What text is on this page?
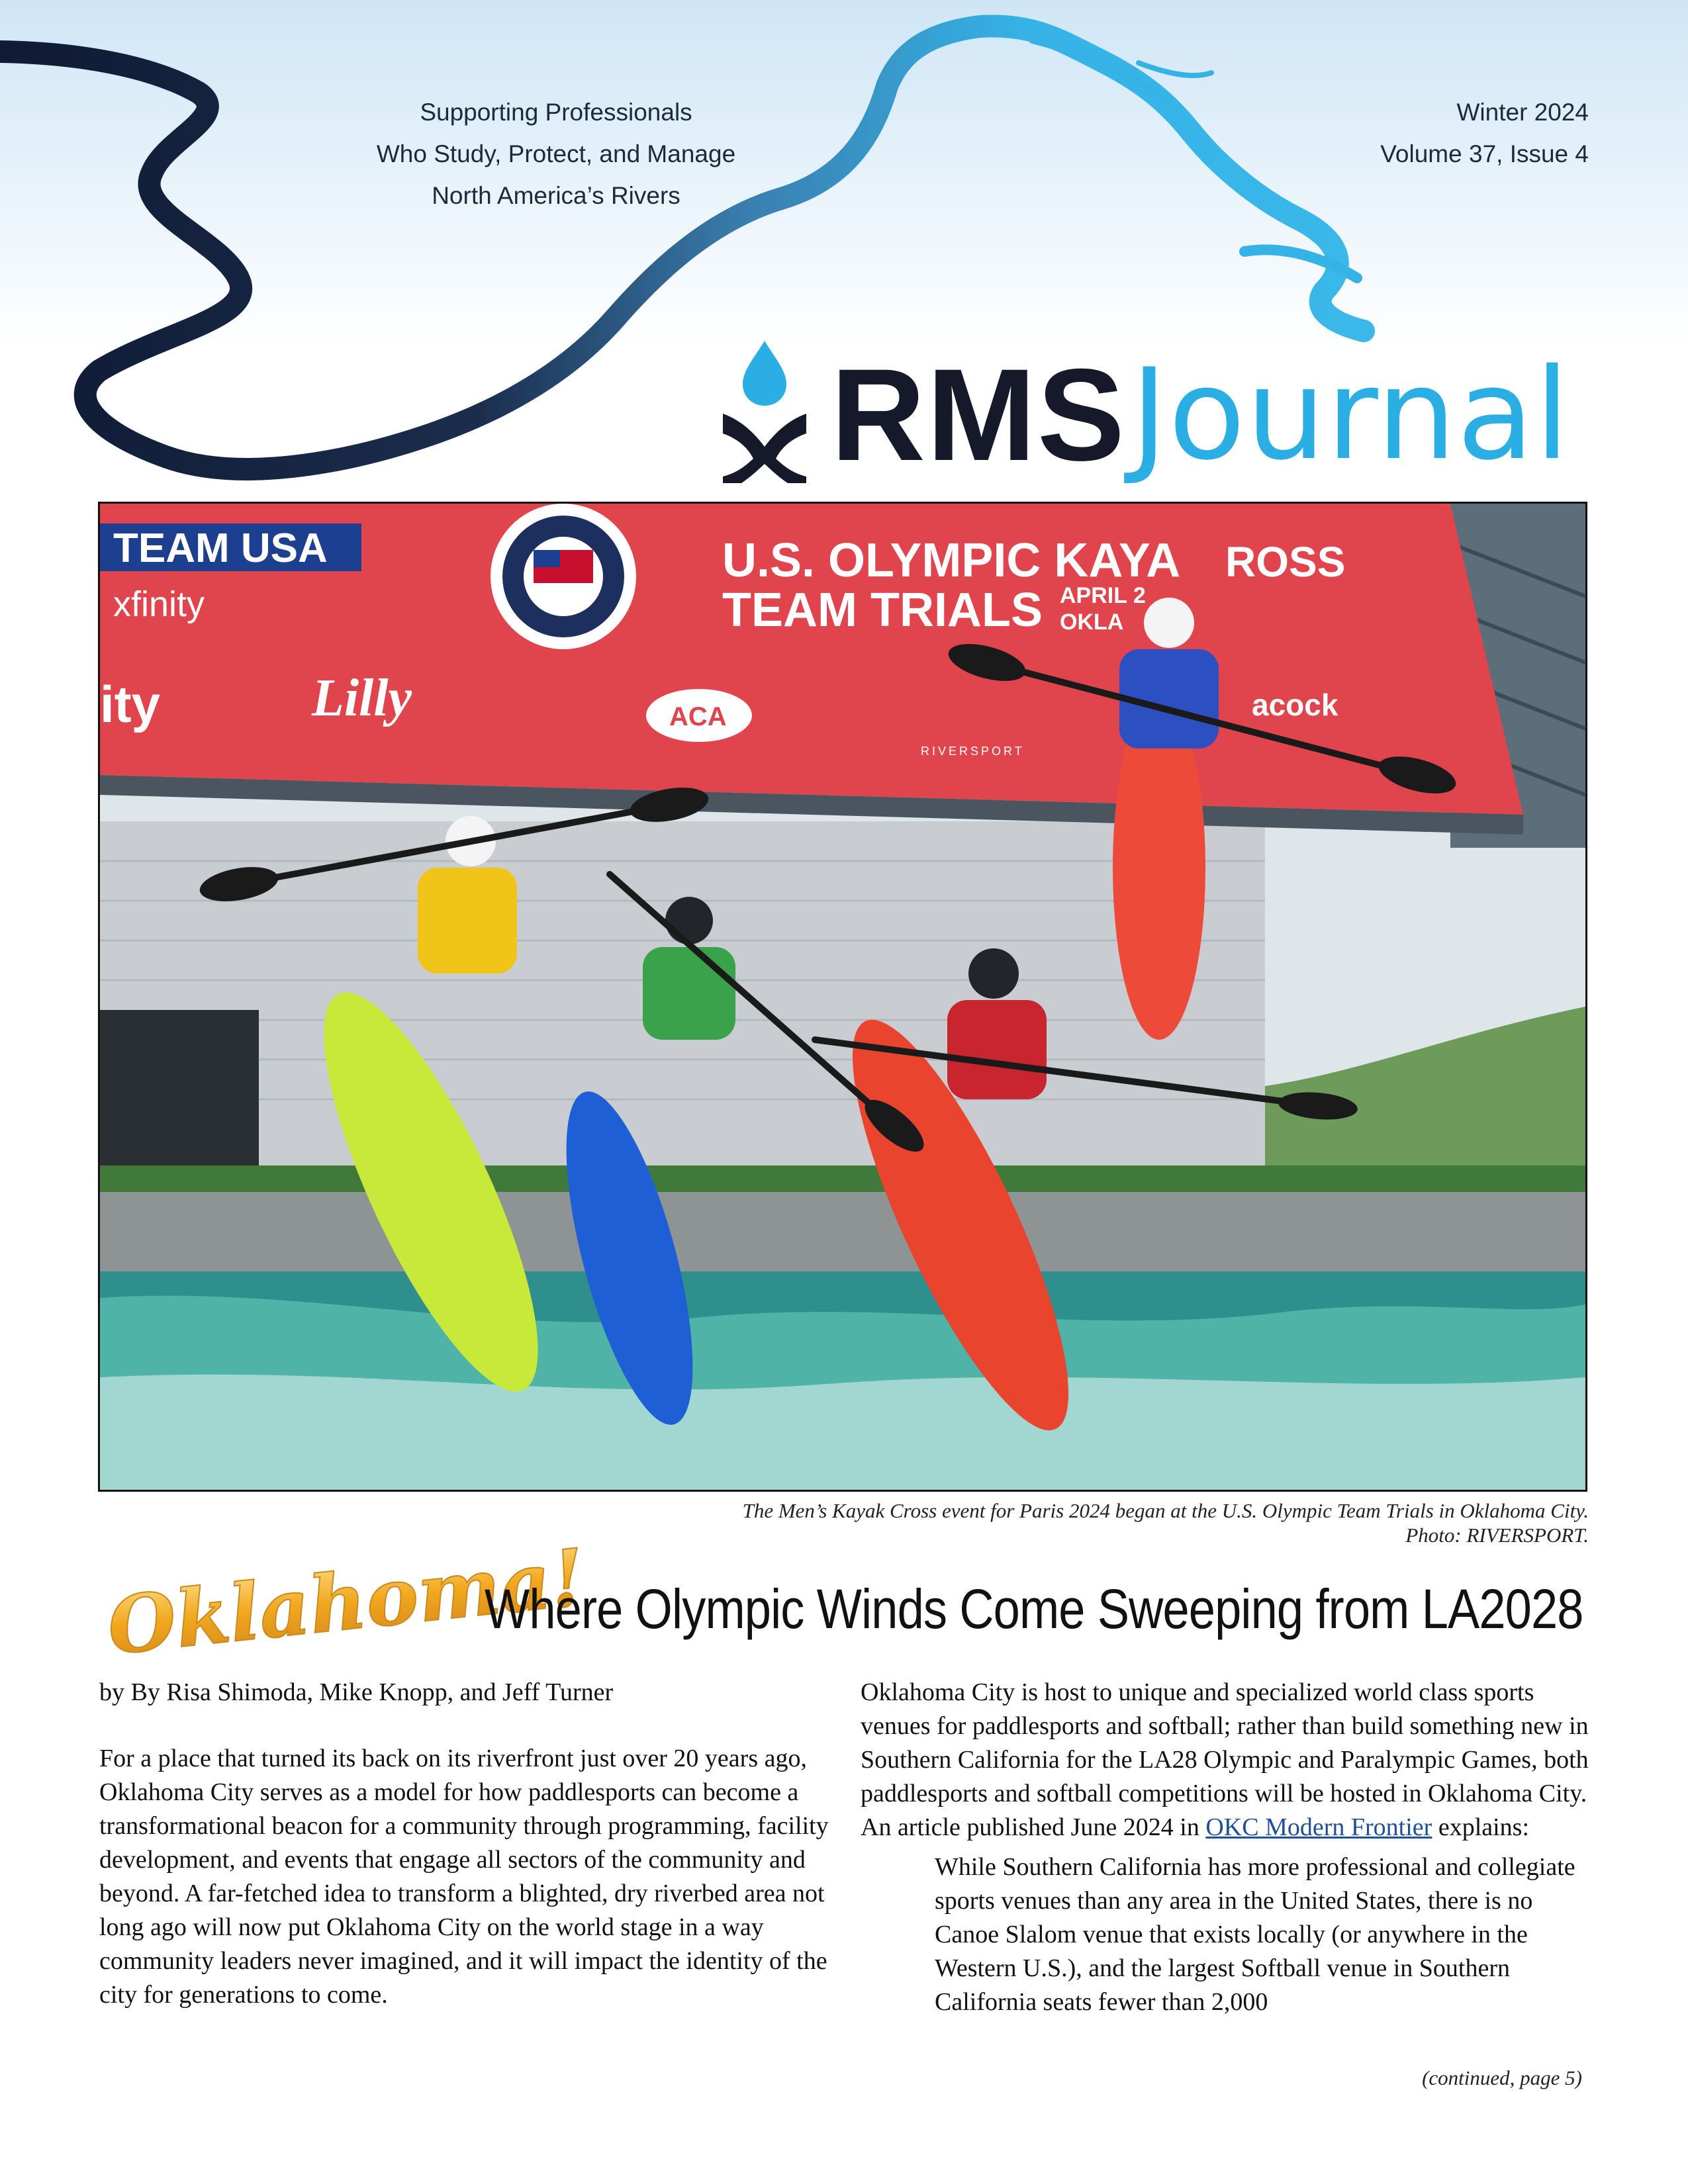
Supporting Professionals
Who Study, Protect, and Manage
North America’s Rivers
Winter 2024
Volume 37, Issue 4
RMS Journal
TEAM USA
xfinity
ity
U.S. OLYMPIC KAYA
TEAM TRIALS
ROSS
APRIL 2
OKLA
Lilly	ACA
RIVERSPORT
acock
The Men’s Kayak Cross event for Paris 2024 began at the U.S. Olympic Team Trials in Oklahoma City.
Photo: RIVERSPORT.
Oklahoma!
Where Olympic Winds Come Sweeping from LA2028
by By Risa Shimoda, Mike Knopp, and Jeff Turner

For a place that turned its back on its riverfront just over 20 years ago, Oklahoma City serves as a model for how paddlesports can become a transformational beacon for a community through programming, facility development, and events that engage all sectors of the community and beyond. A far-fetched idea to transform a blighted, dry riverbed area not long ago will now put Oklahoma City on the world stage in a way community leaders never imagined, and it will impact the identity of the city for generations to come.

Oklahoma City is host to unique and specialized world class sports venues for paddlesports and softball; rather than build something new in Southern California for the LA28 Olympic and Paralympic Games, both paddlesports and softball competitions will be hosted in Oklahoma City. An article published June 2024 in OKC Modern Frontier explains:

While Southern California has more professional and collegiate sports venues than any area in the United States, there is no Canoe Slalom venue that exists locally (or anywhere in the Western U.S.), and the largest Softball venue in Southern California seats fewer than 2,000
(continued, page 5)
